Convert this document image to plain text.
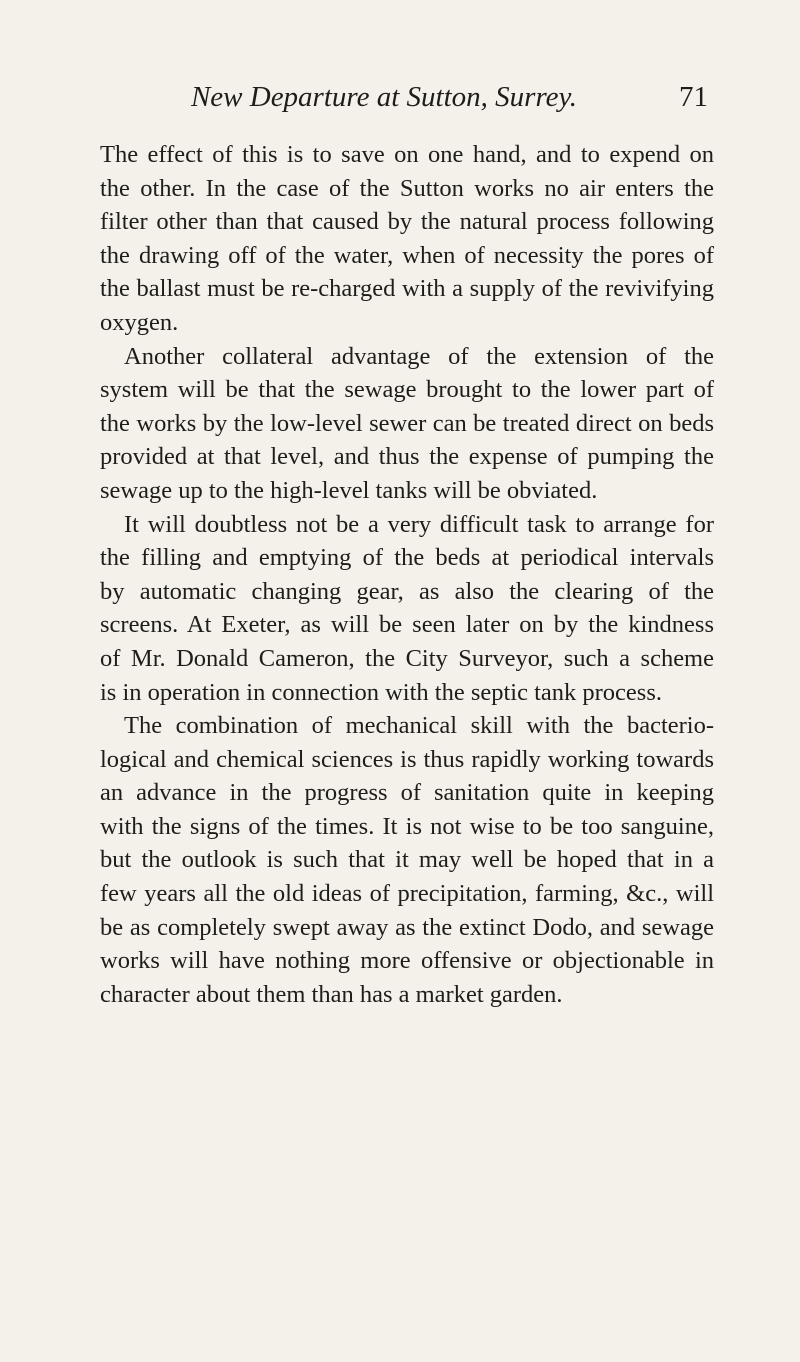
New Departure at Sutton, Surrey.	71
The effect of this is to save on one hand, and to expend on
the other. In the case of the Sutton works no air enters the
filter other than that caused by the natural process following
the drawing off of the water, when of necessity the pores of
the ballast must be re-charged with a supply of the revivifying
oxygen.
Another collateral advantage of the extension of the
system will be that the sewage brought to the lower part of
the works by the low-level sewer can be treated direct on beds
provided at that level, and thus the expense of pumping the
sewage up to the high-level tanks will be obviated.
It will doubtless not be a very difficult task to arrange for
the filling and emptying of the beds at periodical intervals
by automatic changing gear, as also the clearing of the
screens. At Exeter, as will be seen later on by the kindness
of Mr. Donald Cameron, the City Surveyor, such a scheme
is in operation in connection with the septic tank process.
The combination of mechanical skill with the bacterio-
logical and chemical sciences is thus rapidly working towards
an advance in the progress of sanitation quite in keeping
with the signs of the times. It is not wise to be too sanguine,
but the outlook is such that it may well be hoped that in a
few years all the old ideas of precipitation, farming, &c., will
be as completely swept away as the extinct Dodo, and sewage
works will have nothing more offensive or objectionable in
character about them than has a market garden.
